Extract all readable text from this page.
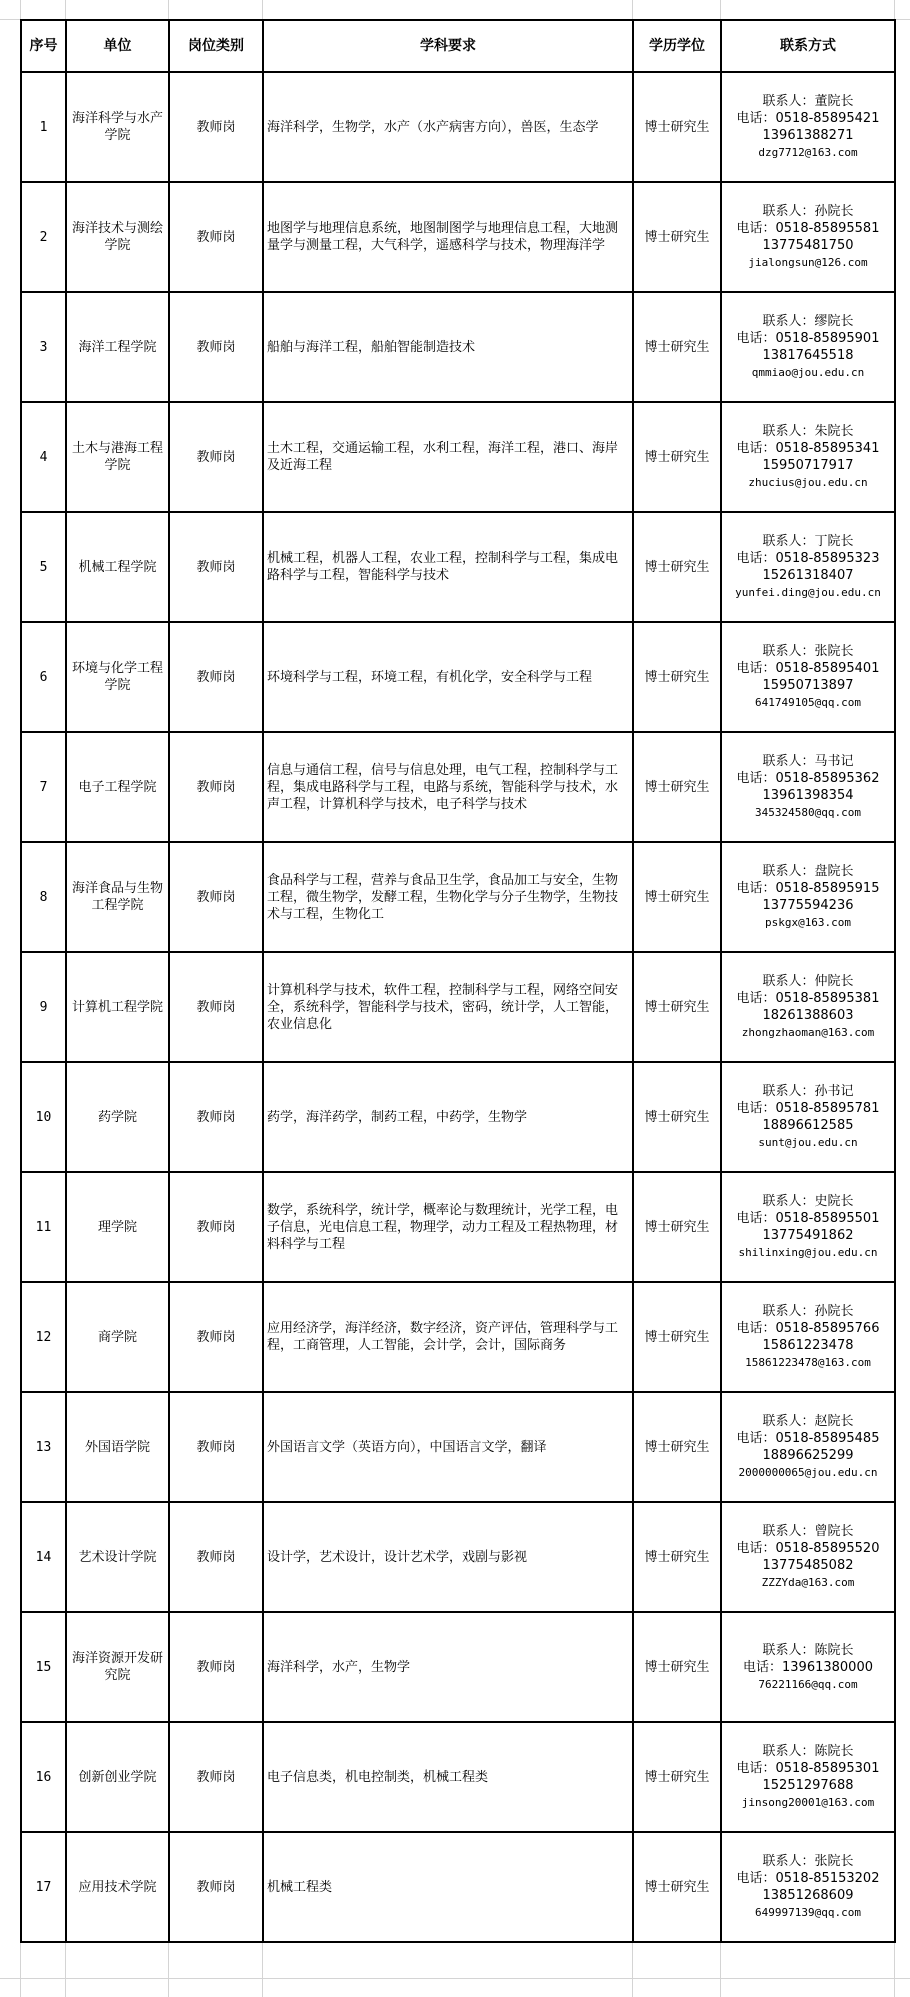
序号	单位	岗位类别	学科要求	学历学位	联系方式
1	海洋科学与水产学院	教师岗	海洋科学，生物学，水产（水产病害方向），兽医，生态学	博士研究生	联系人：董院长
电话：0518-85895421
13961388271
dzg7712@163.com

2	海洋技术与测绘学院	教师岗	地图学与地理信息系统，地图制图学与地理信息工程，大地测量学与测量工程，大气科学，遥感科学与技术，物理海洋学	博士研究生	联系人：孙院长
电话：0518-85895581
13775481750
jialongsun@126.com

3	海洋工程学院	教师岗	船舶与海洋工程，船舶智能制造技术	博士研究生	联系人：缪院长
电话：0518-85895901
13817645518
qmmiao@jou.edu.cn

4	土木与港海工程学院	教师岗	土木工程，交通运输工程，水利工程，海洋工程，港口、海岸及近海工程	博士研究生	联系人：朱院长
电话：0518-85895341
15950717917
zhucius@jou.edu.cn

5	机械工程学院	教师岗	机械工程，机器人工程，农业工程，控制科学与工程，集成电路科学与工程，智能科学与技术	博士研究生	联系人：丁院长
电话：0518-85895323
15261318407
yunfei.ding@jou.edu.cn

6	环境与化学工程学院	教师岗	环境科学与工程，环境工程，有机化学，安全科学与工程	博士研究生	联系人：张院长
电话：0518-85895401
15950713897
641749105@qq.com

7	电子工程学院	教师岗	信息与通信工程，信号与信息处理，电气工程，控制科学与工程，集成电路科学与工程，电路与系统，智能科学与技术，水声工程，计算机科学与技术，电子科学与技术	博士研究生	联系人：马书记
电话：0518-85895362
13961398354
345324580@qq.com

8	海洋食品与生物工程学院	教师岗	食品科学与工程，营养与食品卫生学，食品加工与安全，生物工程，微生物学，发酵工程，生物化学与分子生物学，生物技术与工程，生物化工	博士研究生	联系人：盘院长
电话：0518-85895915
13775594236
pskgx@163.com

9	计算机工程学院	教师岗	计算机科学与技术，软件工程，控制科学与工程，网络空间安全，系统科学，智能科学与技术，密码，统计学，人工智能，农业信息化	博士研究生	联系人：仲院长
电话：0518-85895381
18261388603
zhongzhaoman@163.com

10	药学院	教师岗	药学，海洋药学，制药工程，中药学，生物学	博士研究生	联系人：孙书记
电话：0518-85895781
18896612585
sunt@jou.edu.cn

11	理学院	教师岗	数学，系统科学，统计学，概率论与数理统计，光学工程，电子信息，光电信息工程，物理学，动力工程及工程热物理，材料科学与工程	博士研究生	联系人：史院长
电话：0518-85895501
13775491862
shilinxing@jou.edu.cn

12	商学院	教师岗	应用经济学，海洋经济，数字经济，资产评估，管理科学与工程，工商管理，人工智能，会计学，会计，国际商务	博士研究生	联系人：孙院长
电话：0518-85895766
15861223478
15861223478@163.com

13	外国语学院	教师岗	外国语言文学（英语方向），中国语言文学，翻译	博士研究生	联系人：赵院长
电话：0518-85895485
18896625299
2000000065@jou.edu.cn

14	艺术设计学院	教师岗	设计学，艺术设计，设计艺术学，戏剧与影视	博士研究生	联系人：曾院长
电话：0518-85895520
13775485082
ZZZYda@163.com

15	海洋资源开发研究院	教师岗	海洋科学，水产，生物学	博士研究生	联系人：陈院长
电话：13961380000
76221166@qq.com

16	创新创业学院	教师岗	电子信息类，机电控制类，机械工程类	博士研究生	联系人：陈院长
电话：0518-85895301
15251297688
jinsong20001@163.com

17	应用技术学院	教师岗	机械工程类	博士研究生	联系人：张院长
电话：0518-85153202
13851268609
649997139@qq.com
